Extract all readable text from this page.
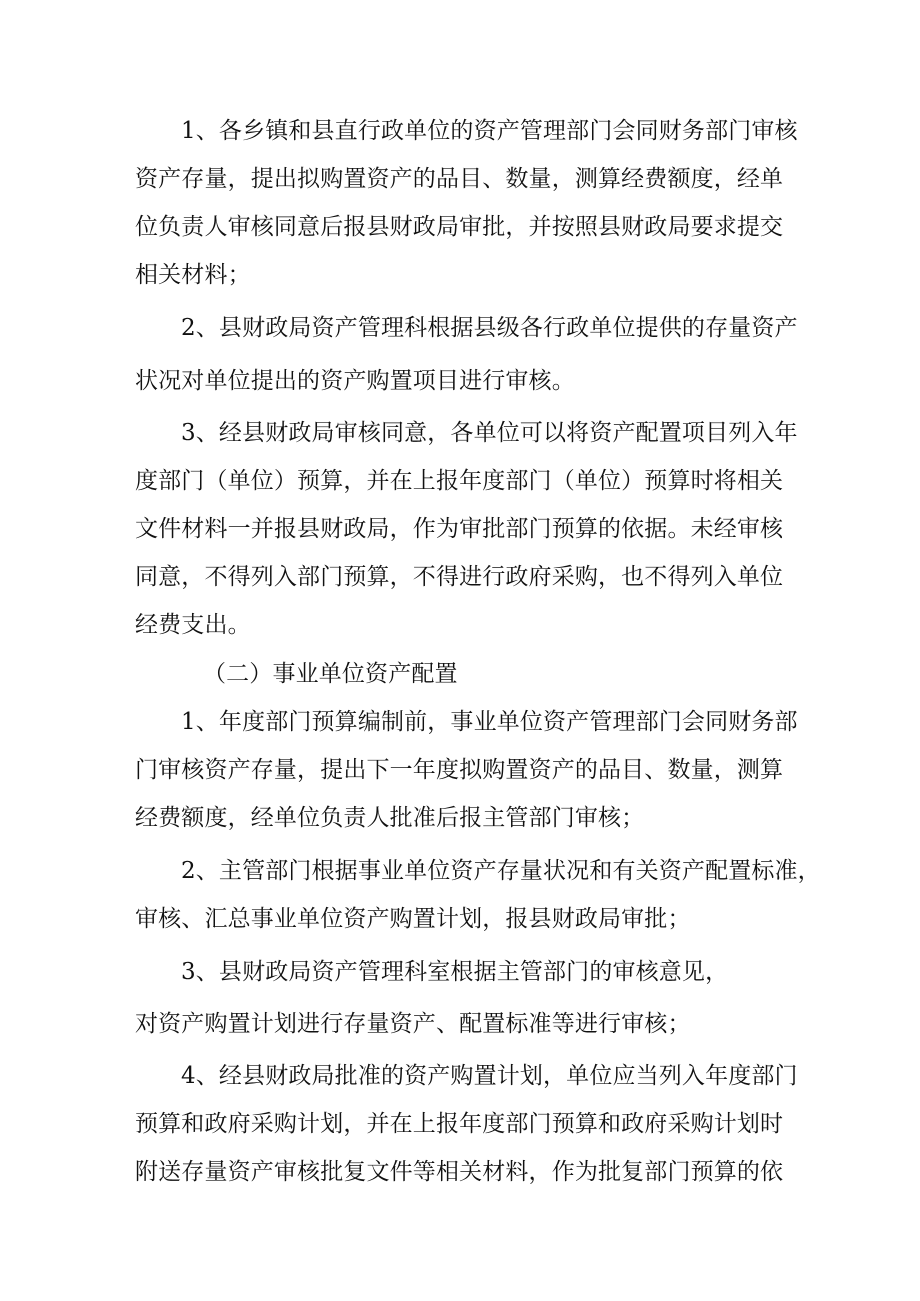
1、各乡镇和县直行政单位的资产管理部门会同财务部门审核
资产存量，提出拟购置资产的品目、数量，测算经费额度，经单
位负责人审核同意后报县财政局审批，并按照县财政局要求提交
相关材料；
2、县财政局资产管理科根据县级各行政单位提供的存量资产
状况对单位提出的资产购置项目进行审核。
3、经县财政局审核同意，各单位可以将资产配置项目列入年
度部门（单位）预算，并在上报年度部门（单位）预算时将相关
文件材料一并报县财政局，作为审批部门预算的依据。未经审核
同意，不得列入部门预算，不得进行政府采购，也不得列入单位
经费支出。
（二）事业单位资产配置
1、年度部门预算编制前，事业单位资产管理部门会同财务部
门审核资产存量，提出下一年度拟购置资产的品目、数量，测算
经费额度，经单位负责人批准后报主管部门审核；
2、主管部门根据事业单位资产存量状况和有关资产配置标准，
审核、汇总事业单位资产购置计划，报县财政局审批；
3、县财政局资产管理科室根据主管部门的审核意见，
对资产购置计划进行存量资产、配置标准等进行审核；
4、经县财政局批准的资产购置计划，单位应当列入年度部门
预算和政府采购计划，并在上报年度部门预算和政府采购计划时
附送存量资产审核批复文件等相关材料，作为批复部门预算的依
